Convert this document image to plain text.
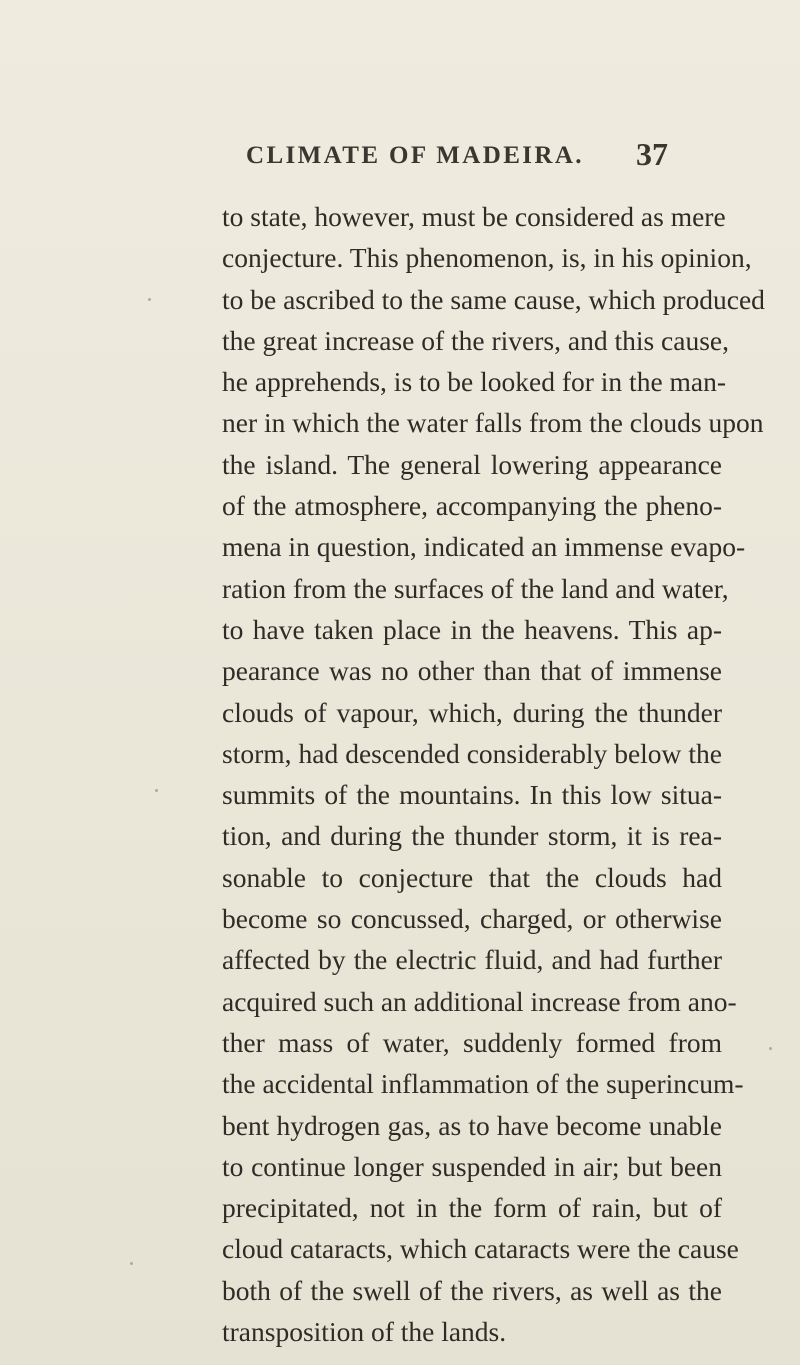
CLIMATE OF MADEIRA. 37
to state, however, must be considered as mere
conjecture. This phenomenon, is, in his opinion,
to be ascribed to the same cause, which produced
the great increase of the rivers, and this cause,
he apprehends, is to be looked for in the man-
ner in which the water falls from the clouds upon
the island. The general lowering appearance
of the atmosphere, accompanying the pheno-
mena in question, indicated an immense evapo-
ration from the surfaces of the land and water,
to have taken place in the heavens. This ap-
pearance was no other than that of immense
clouds of vapour, which, during the thunder
storm, had descended considerably below the
summits of the mountains. In this low situa-
tion, and during the thunder storm, it is rea-
sonable to conjecture that the clouds had
become so concussed, charged, or otherwise
affected by the electric fluid, and had further
acquired such an additional increase from ano-
ther mass of water, suddenly formed from
the accidental inflammation of the superincum-
bent hydrogen gas, as to have become unable
to continue longer suspended in air; but been
precipitated, not in the form of rain, but of
cloud cataracts, which cataracts were the cause
both of the swell of the rivers, as well as the
transposition of the lands.
